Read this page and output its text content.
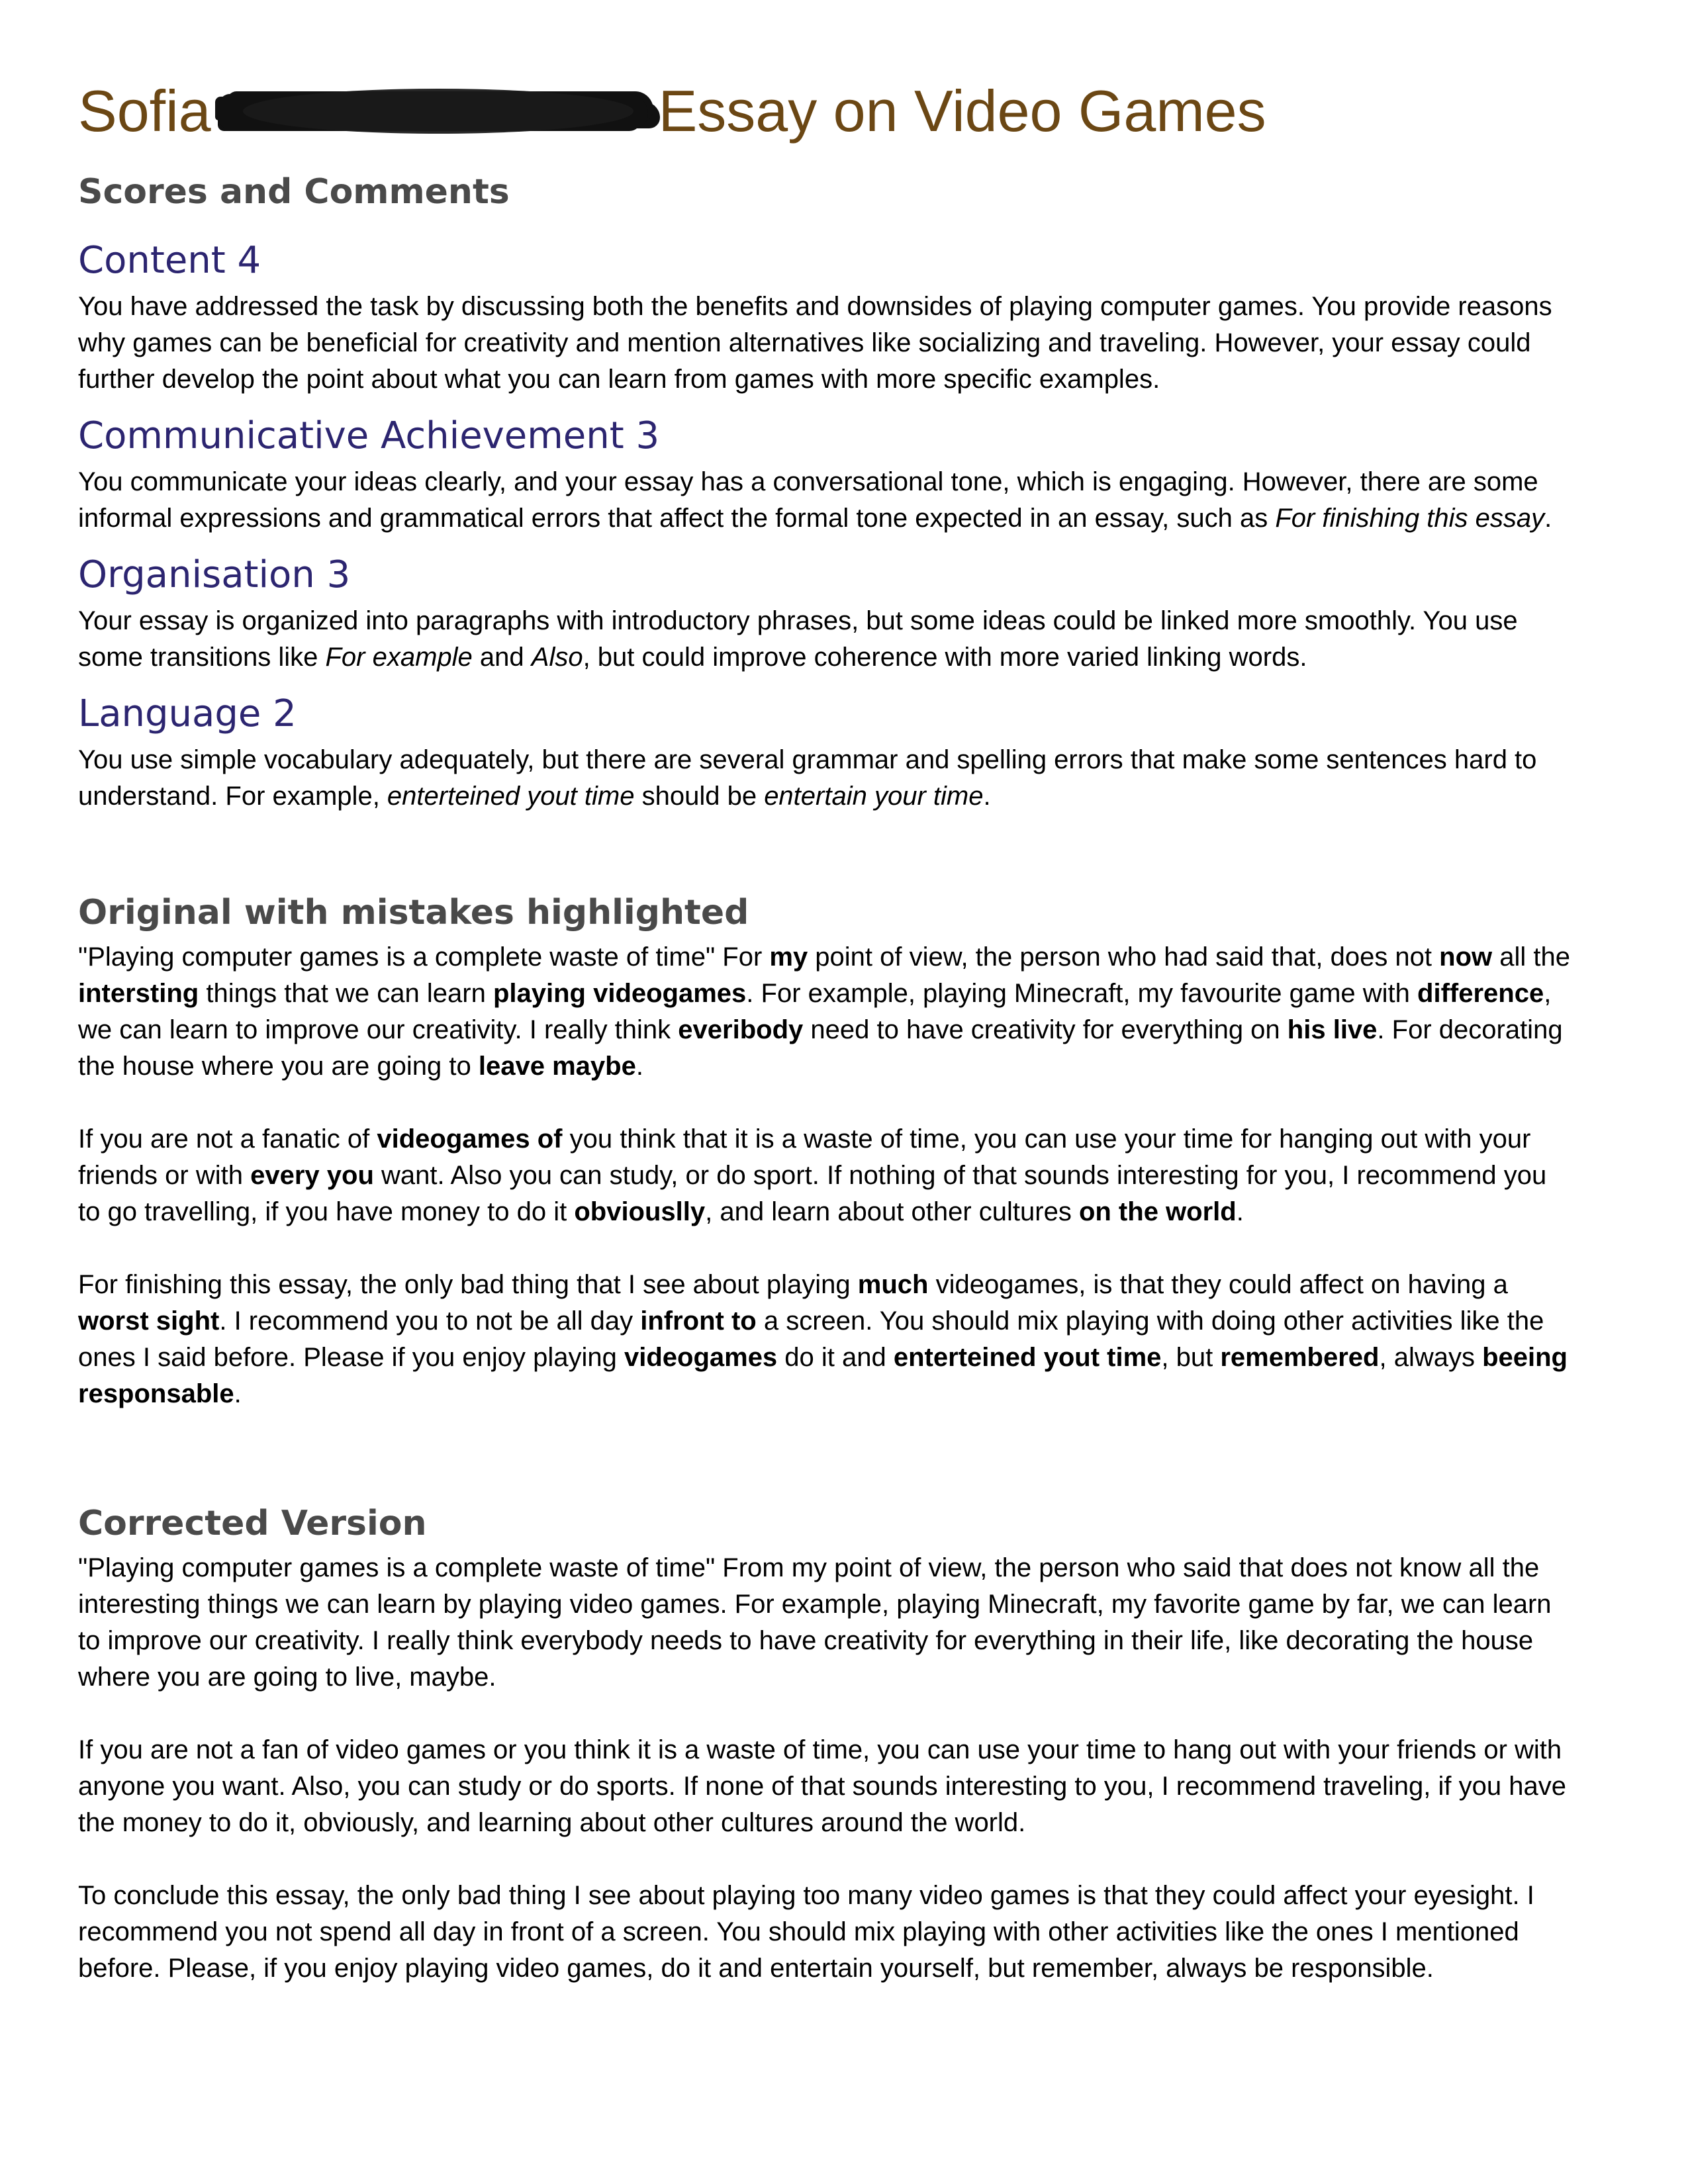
Sofia	Essay on Video Games
Scores and Comments
Content 4

You have addressed the task by discussing both the benefits and downsides of playing computer games. You provide reasons why games can be beneficial for creativity and mention alternatives like socializing and traveling. However, your essay could further develop the point about what you can learn from games with more specific examples.

Communicative Achievement 3

You communicate your ideas clearly, and your essay has a conversational tone, which is engaging. However, there are some informal expressions and grammatical errors that affect the formal tone expected in an essay, such as For finishing this essay.

Organisation 3

Your essay is organized into paragraphs with introductory phrases, but some ideas could be linked more smoothly. You use some transitions like For example and Also, but could improve coherence with more varied linking words.

Language 2

You use simple vocabulary adequately, but there are several grammar and spelling errors that make some sentences hard to understand. For example, enterteined yout time should be entertain your time.

Original with mistakes highlighted

"Playing computer games is a complete waste of time" For my point of view, the person who had said that, does not now all the intersting things that we can learn playing videogames. For example, playing Minecraft, my favourite game with difference, we can learn to improve our creativity. I really think everibody need to have creativity for everything on his live. For decorating the house where you are going to leave maybe.

If you are not a fanatic of videogames of you think that it is a waste of time, you can use your time for hanging out with your friends or with every you want. Also you can study, or do sport. If nothing of that sounds interesting for you, I recommend you to go travelling, if you have money to do it obviouslly, and learn about other cultures on the world.

For finishing this essay, the only bad thing that I see about playing much videogames, is that they could affect on having a worst sight. I recommend you to not be all day infront to a screen. You should mix playing with doing other activities like the ones I said before. Please if you enjoy playing videogames do it and enterteined yout time, but remembered, always beeing responsable.

Corrected Version

"Playing computer games is a complete waste of time" From my point of view, the person who said that does not know all the interesting things we can learn by playing video games. For example, playing Minecraft, my favorite game by far, we can learn to improve our creativity. I really think everybody needs to have creativity for everything in their life, like decorating the house where you are going to live, maybe.

If you are not a fan of video games or you think it is a waste of time, you can use your time to hang out with your friends or with anyone you want. Also, you can study or do sports. If none of that sounds interesting to you, I recommend traveling, if you have the money to do it, obviously, and learning about other cultures around the world.

To conclude this essay, the only bad thing I see about playing too many video games is that they could affect your eyesight. I recommend you not spend all day in front of a screen. You should mix playing with other activities like the ones I mentioned before. Please, if you enjoy playing video games, do it and entertain yourself, but remember, always be responsible.
